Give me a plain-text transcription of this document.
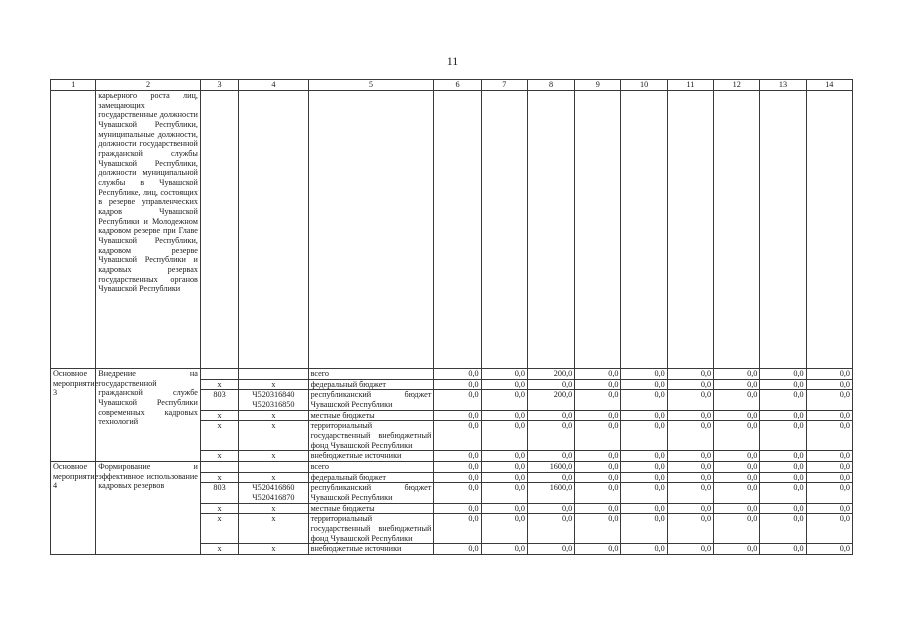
11
1	2	3	4	5	6	7	8	9	10	11	12	13	14
	карьерного роста лиц, замещающих государственные должности Чувашской Республики, муниципальные должности, должности государственной гражданской службы Чувашской Республики, должности муниципальной службы в Чувашской Республике, лиц, состоящих в резерве управленческих кадров Чувашской Республики и Молодежном кадровом резерве при Главе Чувашской Республики, кадровом резерве Чувашской Республики и кадровых резервах государственных органов Чувашской Республики												
Основное мероприятие 3	Внедрение на государственной гражданской службе Чувашской Республики современных кадровых технологий			всего	0,0	0,0	200,0	0,0	0,0	0,0	0,0	0,0	0,0
		x	x	федеральный бюджет	0,0	0,0	0,0	0,0	0,0	0,0	0,0	0,0	0,0
		803	Ч520316840 Ч520316850	республиканский бюджет Чувашской Республики	0,0	0,0	200,0	0,0	0,0	0,0	0,0	0,0	0,0
		x	x	местные бюджеты	0,0	0,0	0,0	0,0	0,0	0,0	0,0	0,0	0,0
		x	x	территориальный государственный внебюджетный фонд Чувашской Республики	0,0	0,0	0,0	0,0	0,0	0,0	0,0	0,0	0,0
		x	x	внебюджетные источники	0,0	0,0	0,0	0,0	0,0	0,0	0,0	0,0	0,0
Основное мероприятие 4	Формирование и эффективное использование кадровых резервов			всего	0,0	0,0	1600,0	0,0	0,0	0,0	0,0	0,0	0,0
		x	x	федеральный бюджет	0,0	0,0	0,0	0,0	0,0	0,0	0,0	0,0	0,0
		803	Ч520416860 Ч520416870	республиканский бюджет Чувашской Республики	0,0	0,0	1600,0	0,0	0,0	0,0	0,0	0,0	0,0
		x	x	местные бюджеты	0,0	0,0	0,0	0,0	0,0	0,0	0,0	0,0	0,0
		x	x	территориальный государственный внебюджетный фонд Чувашской Республики	0,0	0,0	0,0	0,0	0,0	0,0	0,0	0,0	0,0
		x	x	внебюджетные источники	0,0	0,0	0,0	0,0	0,0	0,0	0,0	0,0	0,0
